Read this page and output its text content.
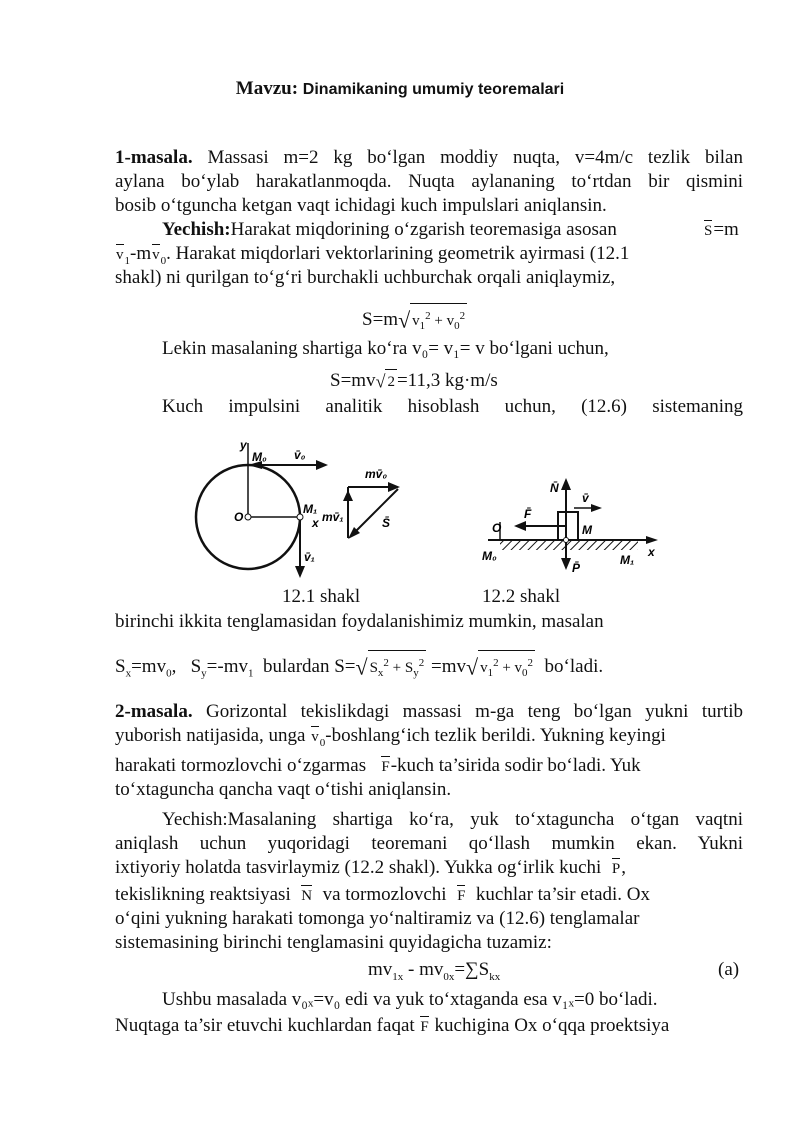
Mavzu: Dinamikaning umumiy teoremalari
1-masala. Massasi m=2 kg bo‘lgan moddiy nuqta, v=4m/c tezlik bilan
aylana bo‘ylab harakatlanmoqda. Nuqta aylananing to‘rtdan bir qismini
bosib o‘tguncha ketgan vaqt ichidagi kuch impulslari aniqlansin.
Yechish:Harakat miqdorining o‘zgarish teoremasiga asosan	S=m
$v_1-mv_0$. Harakat miqdorlari vektorlarining geometrik ayirmasi (12.1
shakl) ni qurilgan to‘g‘ri burchakli uchburchak orqali aniqlaymiz,
S=m√ $v_1^2 + v_0^2$
Lekin masalaning shartiga ko‘ra v₀= v₁= v bo‘lgani uchun,
S=mv√ 2 =11,3 kg·m/s
Kuch impulsini analitik hisoblash uchun, (12.6) sistemaning
y
M₀ v̄₀
O
M₁
x
v̄₁
mv̄₀
mv̄₁	S̄
N̄
v̄
F̄
O	M
M₀
P̄
M₁
x
12.1 shakl	12.2 shakl
birinchi ikkita tenglamasidan foydalanishimiz mumkin, masalan
$S_x=mv_0$,   $S_y=-mv_1$ bulardan S=√ $S_x^2 + S_y^2 =mv√$ $v_1^2 + v_0^2$ bo‘ladi.
2-masala. Gorizontal tekislikdagi massasi m-ga teng bo‘lgan yukni turtib
yuborish natijasida, unga $v_0-boshlang‘ich$ tezlik berildi. Yukning keyingi
harakati tormozlovchi o‘zgarmas F-kuch ta’sirida sodir bo‘ladi. Yuk
to‘xtaguncha qancha vaqt o‘tishi aniqlansin.
Yechish:Masalaning shartiga ko‘ra, yuk to‘xtaguncha o‘tgan vaqtni
aniqlash uchun yuqoridagi teoremani qo‘llash mumkin ekan. Yukni
ixtiyoriy holatda tasvirlaymiz (12.2 shakl). Yukka og‘irlik kuchi P,
tekislikning reaktsiyasi N va tormozlovchi F kuchlar ta’sir etadi. Ox
o‘qini yukning harakati tomonga yo‘naltiramiz va (12.6) tenglamalar
sistemasining birinchi tenglamasini quyidagicha tuzamiz:
$mv_{1x} - mv_{0x}=\sum S_{kx}$	(a)
Ushbu masalada v₀ₓ=v₀ edi va yuk to‘xtaganda esa v₁ₓ=0 bo‘ladi.
Nuqtaga ta’sir etuvchi kuchlardan faqat F kuchigina Ox o‘qqa proektsiya
